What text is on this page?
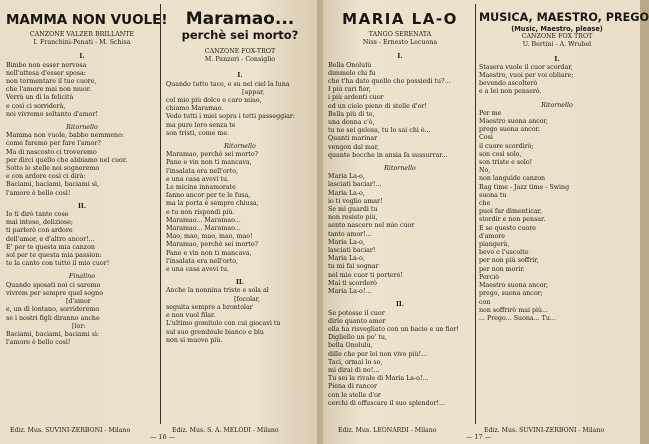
MAMMA NON VUOLE!

CANZONE VALZER BRILLANTE

I. Franchini-Penati - M. Schisa

I.

Bimbo non esser nervosa

nell'attesa d'esser sposa:

non tormentare il tuo cuore,

che l'amore mai non muor.

Verrà un dì la felicità

e così ci sorriderà,

noi vivremo soltanto d'amor!

Ritornello

Mamma non vuole, babbo nemmeno:

come faremo per fare l'amor?

Ma di nascosto ci troveremo

per dirci quello che abbiamo nel cuor.

Sotto le stelle noi sogneremo

e con ardore così ci dirà:

Baciami, baciami, baciami sì,

l'amore è bello così!

II.

Io ti dirò tante cose

mai intese, deliziose;

ti parlerò con ardore

dell'amor, e d'altro ancor!...

E' per te questa mia canzon

sol per te questa mia passion:

te la canto con tutto il mio cuor!

Finalino

Quando sposati noi ci saremo

vivrem per sempre quel sogno

[d'amor

e, un dì lontano, sorrideremo

se i nostri figli diranno anche

[lor:

Baciami, baciami, baciami sì:

l'amore è bello così!

Ediz. Mus. SUVINI-ZERBONI - Milano

Maramao...

perchè sei morto?

CANZONE FOX-TROT

M. Panzeri - Consiglio

I.

Quando tutto tace, e su nel ciel la luna

[appar,

col mio più dolce e caro miao,

chiamo Maramao.

Vedo tutti i miei sopra i tetti passeggiar:

ma pure loro senza te

son tristi, come me.

Ritornello

Maramao, perchè sei morto?

Pane e vin non ti mancava,

l'insalata era nell'orto,

e una casa avevi tu.

Le micine innamorate

fanno ancor per te le fusa,

ma la porta è sempre chiusa,

e tu non rispondi più.

Maramao... Maramao...

Maramao... Maramao...

Mao, mao, mao, mao, mao!

Maramao, perchè sei morto?

Pane e vin non ti mancava,

l'insalata era nell'orto,

e una casa avevi tu.

II.

Anche la nonnina triste e sola al

[focolar,

seguita sempre a brontolar

e non vuol filar.

L'ultimo gomitolo con cui giocavi tu

sul suo grembiule bianco e blu

non si muove più.

Ediz. Mus. S. A. MELODI - Milano
— 16 —

MARIA LA-O

TANGO SERENATA

Niss - Ernesto Lecuona

I.

Bella Onolulù

dimmelo chi fu

che t'ha dato quello che possiedi tu?...

I più rari fior,

i più ardenti cuor

ed un cielo pieno di stelle d'or!

Bella più di te,

una donna c'è,

tu ne sei gelosa, tu lo sai chi è...

Quanti marinar

vengon dal mar,

quante bocche in ansia fa sussurrar...

Ritornello

Maria La-o,

lasciati baciar!...

Maria La-o,

io ti voglio amar!

Se mi guardi tu

non resisto più,

sento nascere nel mio cuor

tanto amor!...

Maria La-o,

lasciati baciar!

Maria La-o,

tu mi fai sognar

nel mio cuor ti porterò!

Mai ti scorderò

Maria La-o!...

II.

Se potesse il cuor

dirle quanto amor

ella ha risvegliato con un bacio e un fior!

Digliello un po' tu,

bella Onolulù,

dille che per lei non vivo più!...

Taci, ormai lo so,

mi dirai di no!...

Tu sei la rivale di Maria La-o!...

Piena di rancor

con le stelle d'or

cerchi di offuscare il suo splendor!...

Ediz. Mus. LEONARDI - Milano
— 17 —

MUSICA, MAESTRO, PREGO

(Music, Maestro, please)

CANZONE FOX TROT

U. Bertini - A. Wrubel

I.

Stasera vuole il cuor scordar,

Maestro, vuoi per voi obliare;

bevendo ascolterò

e a lei non penserò.

Ritornello

Per me

Maestro suona ancor,

prego suona ancor.

Così

il cuore scordirò;

son così solo,

son triste e solo!

No,

non languide canzon

Rag time - Jazz time - Swing

suona tu

che

puoi far dimenticar,

stordir e non pensar.

E se questo cuore

d'amore

piangerà,

bevo e l'uscolto

per non più soffrir,

per non morir.

Perciò

Maestro suona ancor,

prego, suona ancor;

con

non soffrirò mai più...

... Prego... Suona... Tu...

Ediz. Mus. SUVINI-ZERBONI - Milano
